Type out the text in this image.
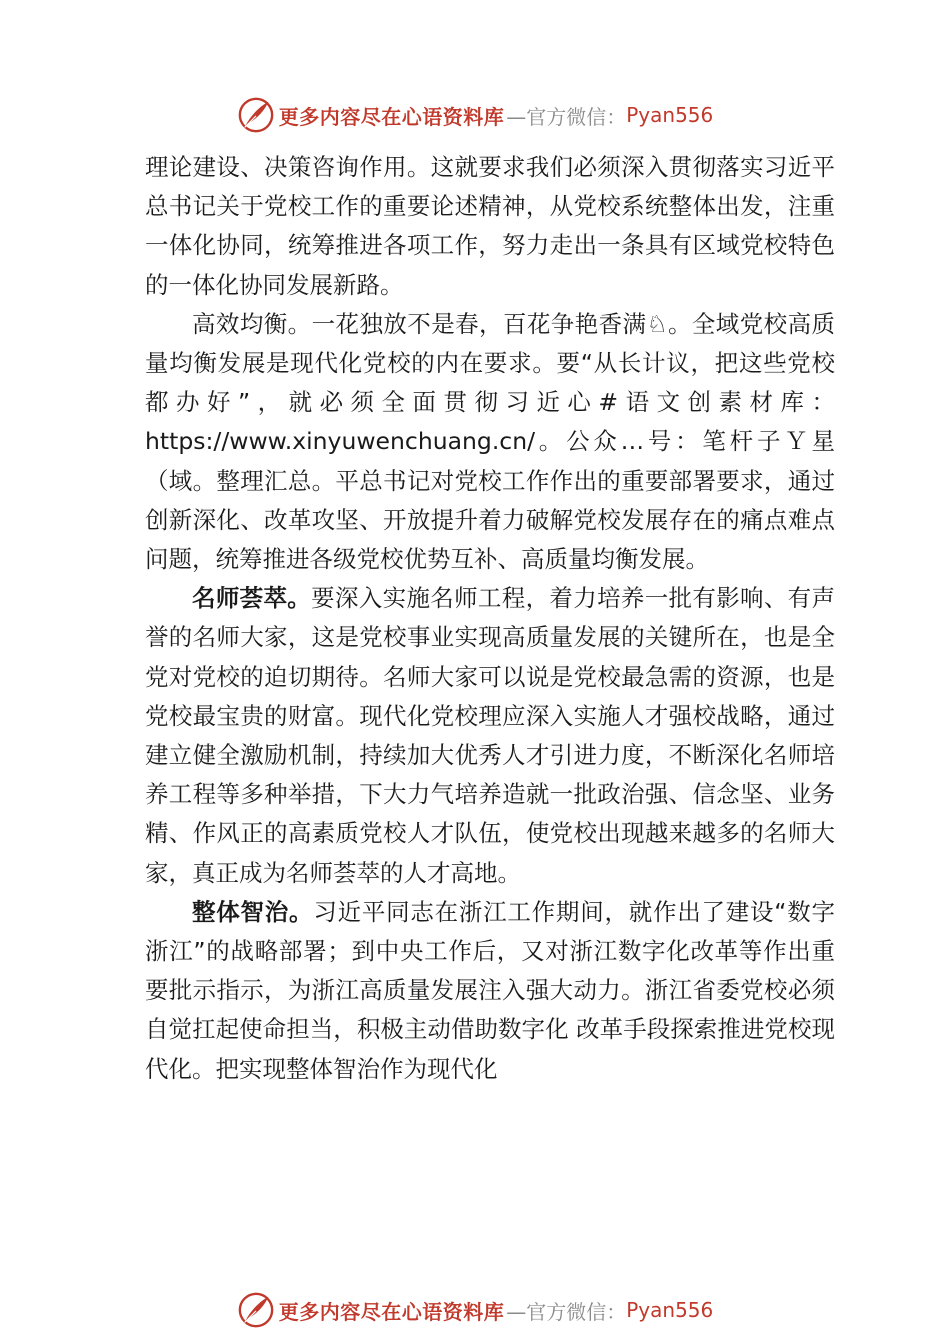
更多内容尽在心语资料库 —官方微信： Pyan556

理论建设、决策咨询作用。这就要求我们必须深入贯彻落实习近平总书记关于党校工作的重要论述精神，从党校系统整体出发，注重一体化协同，统筹推进各项工作，努力走出一条具有区域党校特色的一体化协同发展新路。

高效均衡。一花独放不是春，百花争艳香满♘。全域党校高质量均衡发展是现代化党校的内在要求。要“从长计议，把这些党校都办好”，就必须全面贯彻习近心#语文创素材库：https://www.xinyuwenchuang.cn/。公众…号：笔杆子Ｙ星（域。整理汇总。平总书记对党校工作作出的重要部署要求，通过创新深化、改革攻坚、开放提升着力破解党校发展存在的痛点难点问题，统筹推进各级党校优势互补、高质量均衡发展。

名师荟萃。要深入实施名师工程，着力培养一批有影响、有声誉的名师大家，这是党校事业实现高质量发展的关键所在，也是全党对党校的迫切期待。名师大家可以说是党校最急需的资源，也是党校最宝贵的财富。现代化党校理应深入实施人才强校战略，通过建立健全激励机制，持续加大优秀人才引进力度，不断深化名师培养工程等多种举措，下大力气培养造就一批政治强、信念坚、业务精、作风正的高素质党校人才队伍，使党校出现越来越多的名师大家，真正成为名师荟萃的人才高地。

整体智治。习近平同志在浙江工作期间，就作出了建设“数字浙江”的战略部署；到中央工作后，又对浙江数字化改革等作出重要批示指示，为浙江高质量发展注入强大动力。浙江省委党校必须自觉扛起使命担当，积极主动借助数字化 改革手段探索推进党校现代化。把实现整体智治作为现代化

更多内容尽在心语资料库 —官方微信： Pyan556
